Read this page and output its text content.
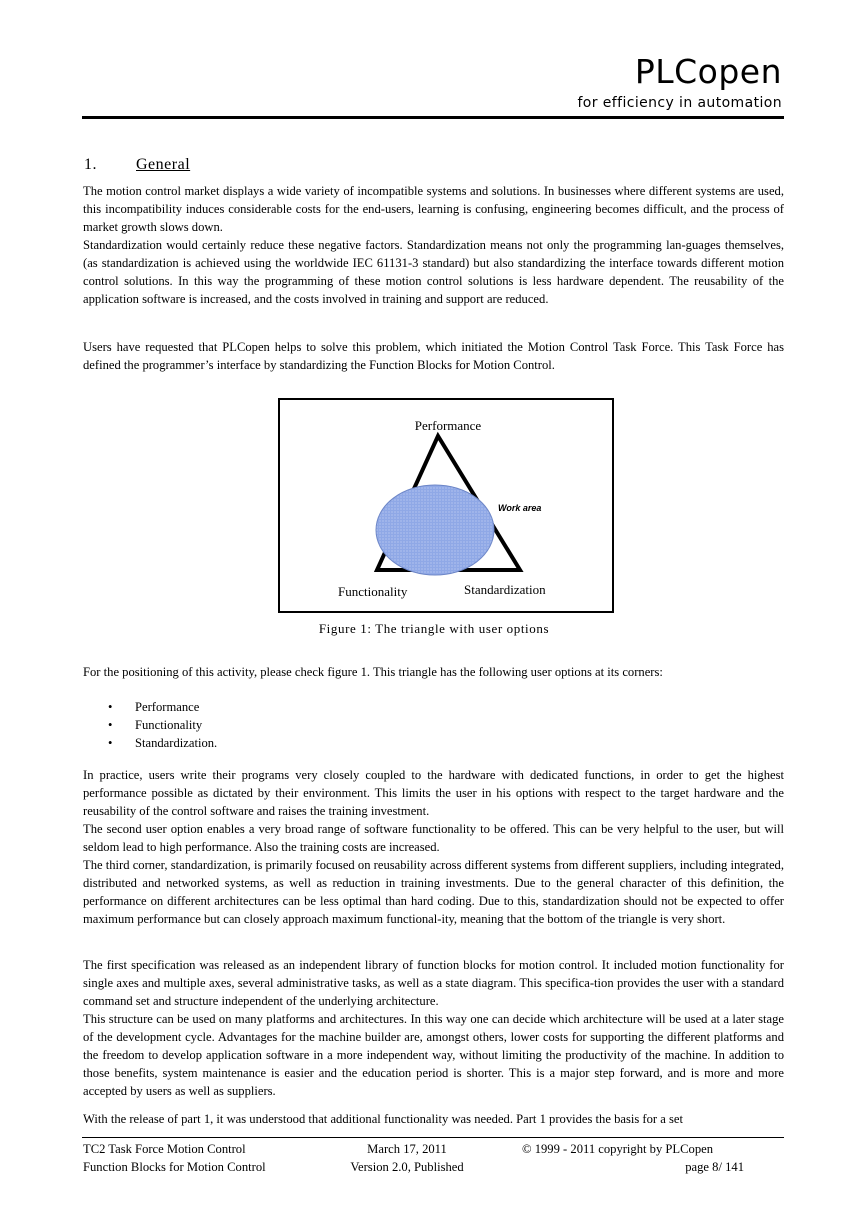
PLCopen
for efficiency in automation
1. General

The motion control market displays a wide variety of incompatible systems and solutions. In businesses where different systems are used, this incompatibility induces considerable costs for the end-users, learning is confusing, engineering becomes difficult, and the process of market growth slows down.

Standardization would certainly reduce these negative factors. Standardization means not only the programming lan-guages themselves, (as standardization is achieved using the worldwide IEC 61131-3 standard) but also standardizing the interface towards different motion control solutions. In this way the programming of these motion control solutions is less hardware dependent. The reusability of the application software is increased, and the costs involved in training and support are reduced.

Users have requested that PLCopen helps to solve this problem, which initiated the Motion Control Task Force. This Task Force has defined the programmer’s interface by standardizing the Function Blocks for Motion Control.

Performance
Work area
Functionality	Standardization
Figure 1: The triangle with user options

For the positioning of this activity, please check figure 1. This triangle has the following user options at its corners:

• Performance
• Functionality
• Standardization.

In practice, users write their programs very closely coupled to the hardware with dedicated functions, in order to get the highest performance possible as dictated by their environment. This limits the user in his options with respect to the target hardware and the reusability of the control software and raises the training investment.

The second user option enables a very broad range of software functionality to be offered. This can be very helpful to the user, but will seldom lead to high performance. Also the training costs are increased.

The third corner, standardization, is primarily focused on reusability across different systems from different suppliers, including integrated, distributed and networked systems, as well as reduction in training investments. Due to the general character of this definition, the performance on different architectures can be less optimal than hard coding. Due to this, standardization should not be expected to offer maximum performance but can closely approach maximum functional-ity, meaning that the bottom of the triangle is very short.

The first specification was released as an independent library of function blocks for motion control. It included motion functionality for single axes and multiple axes, several administrative tasks, as well as a state diagram. This specifica-tion provides the user with a standard command set and structure independent of the underlying architecture.

This structure can be used on many platforms and architectures. In this way one can decide which architecture will be used at a later stage of the development cycle. Advantages for the machine builder are, amongst others, lower costs for supporting the different platforms and the freedom to develop application software in a more independent way, without limiting the productivity of the machine. In addition to those benefits, system maintenance is easier and the education period is shorter. This is a major step forward, and is more and more accepted by users as well as suppliers.

With the release of part 1, it was understood that additional functionality was needed. Part 1 provides the basis for a set

TC2 Task Force Motion Control
Function Blocks for Motion Control
March 17, 2011
Version 2.0, Published
© 1999 - 2011 copyright by PLCopen
page 8/ 141
